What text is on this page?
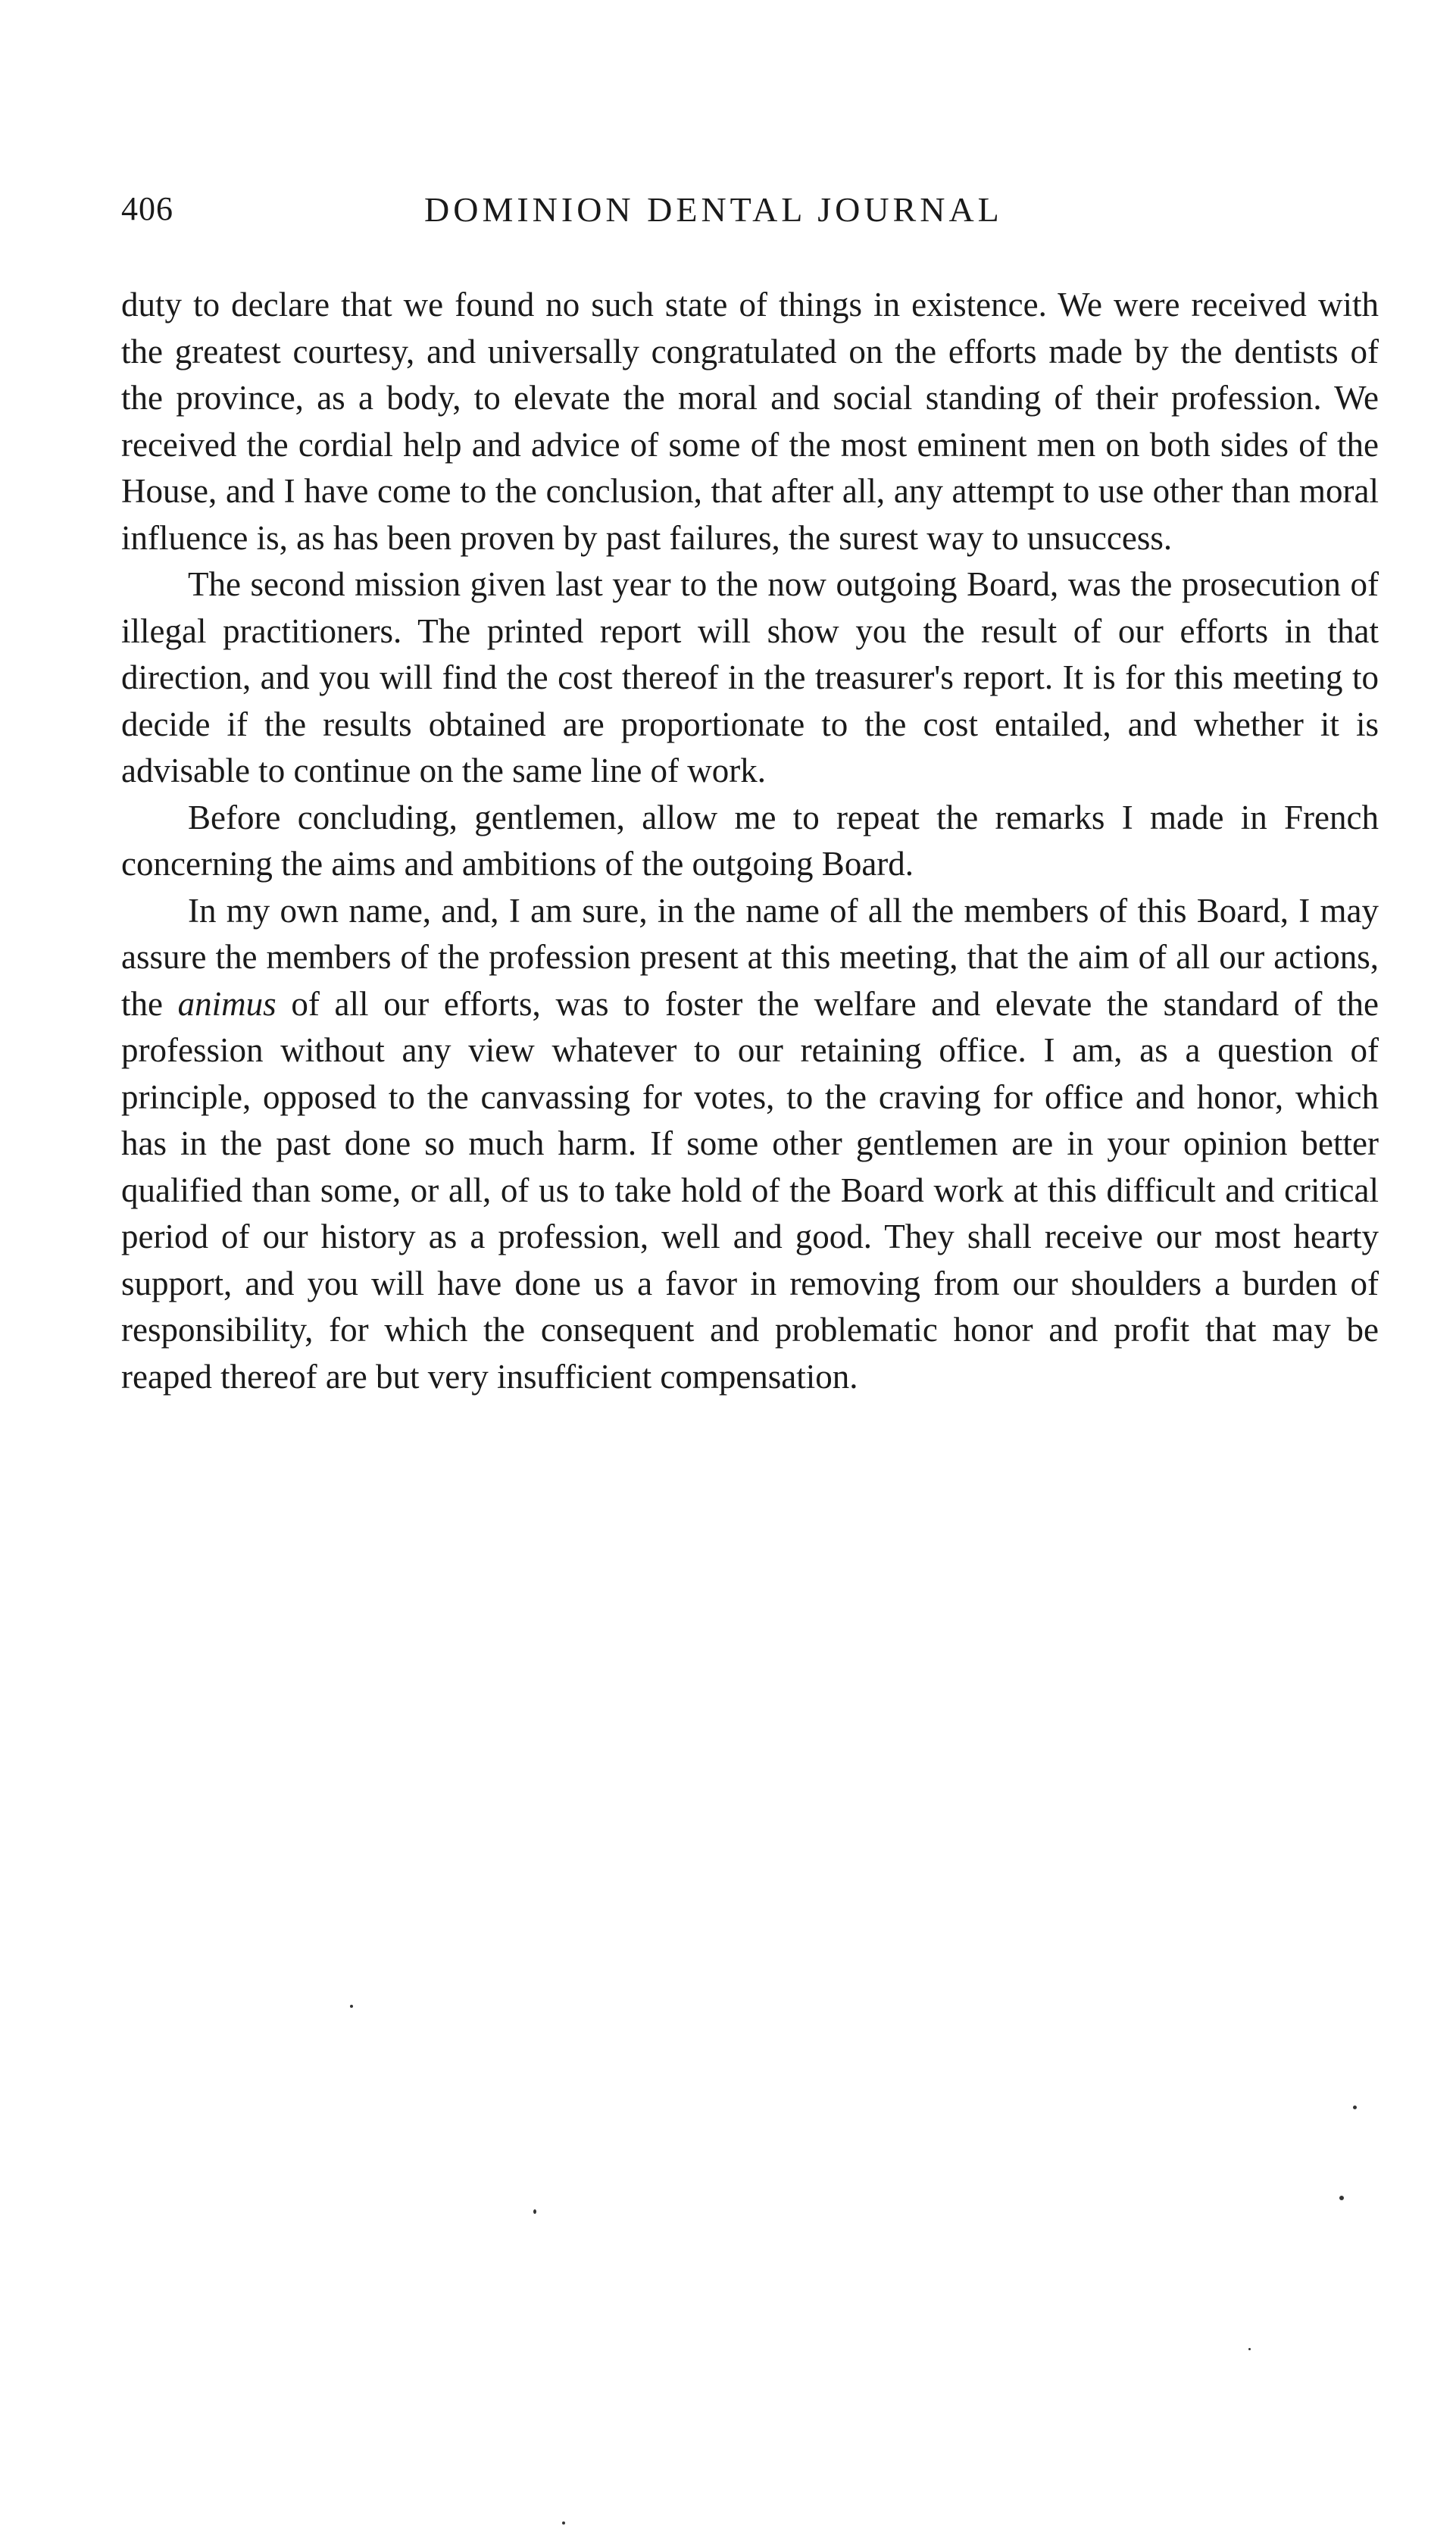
406	DOMINION DENTAL JOURNAL

duty to declare that we found no such state of things in existence. We were received with the greatest courtesy, and universally congratulated on the efforts made by the dentists of the province, as a body, to elevate the moral and social standing of their profession. We received the cordial help and advice of some of the most eminent men on both sides of the House, and I have come to the conclusion, that after all, any attempt to use other than moral influence is, as has been proven by past failures, the surest way to unsuccess.

The second mission given last year to the now outgoing Board, was the prosecution of illegal practitioners. The printed report will show you the result of our efforts in that direction, and you will find the cost thereof in the treasurer's report. It is for this meeting to decide if the results obtained are proportionate to the cost entailed, and whether it is advisable to continue on the same line of work.

Before concluding, gentlemen, allow me to repeat the remarks I made in French concerning the aims and ambitions of the outgoing Board.

In my own name, and, I am sure, in the name of all the members of this Board, I may assure the members of the profession present at this meeting, that the aim of all our actions, the animus of all our efforts, was to foster the welfare and elevate the standard of the profession without any view whatever to our retaining office. I am, as a question of principle, opposed to the canvassing for votes, to the craving for office and honor, which has in the past done so much harm. If some other gentlemen are in your opinion better qualified than some, or all, of us to take hold of the Board work at this difficult and critical period of our history as a profession, well and good. They shall receive our most hearty support, and you will have done us a favor in removing from our shoulders a burden of responsibility, for which the consequent and problematic honor and profit that may be reaped thereof are but very insufficient compensation.
